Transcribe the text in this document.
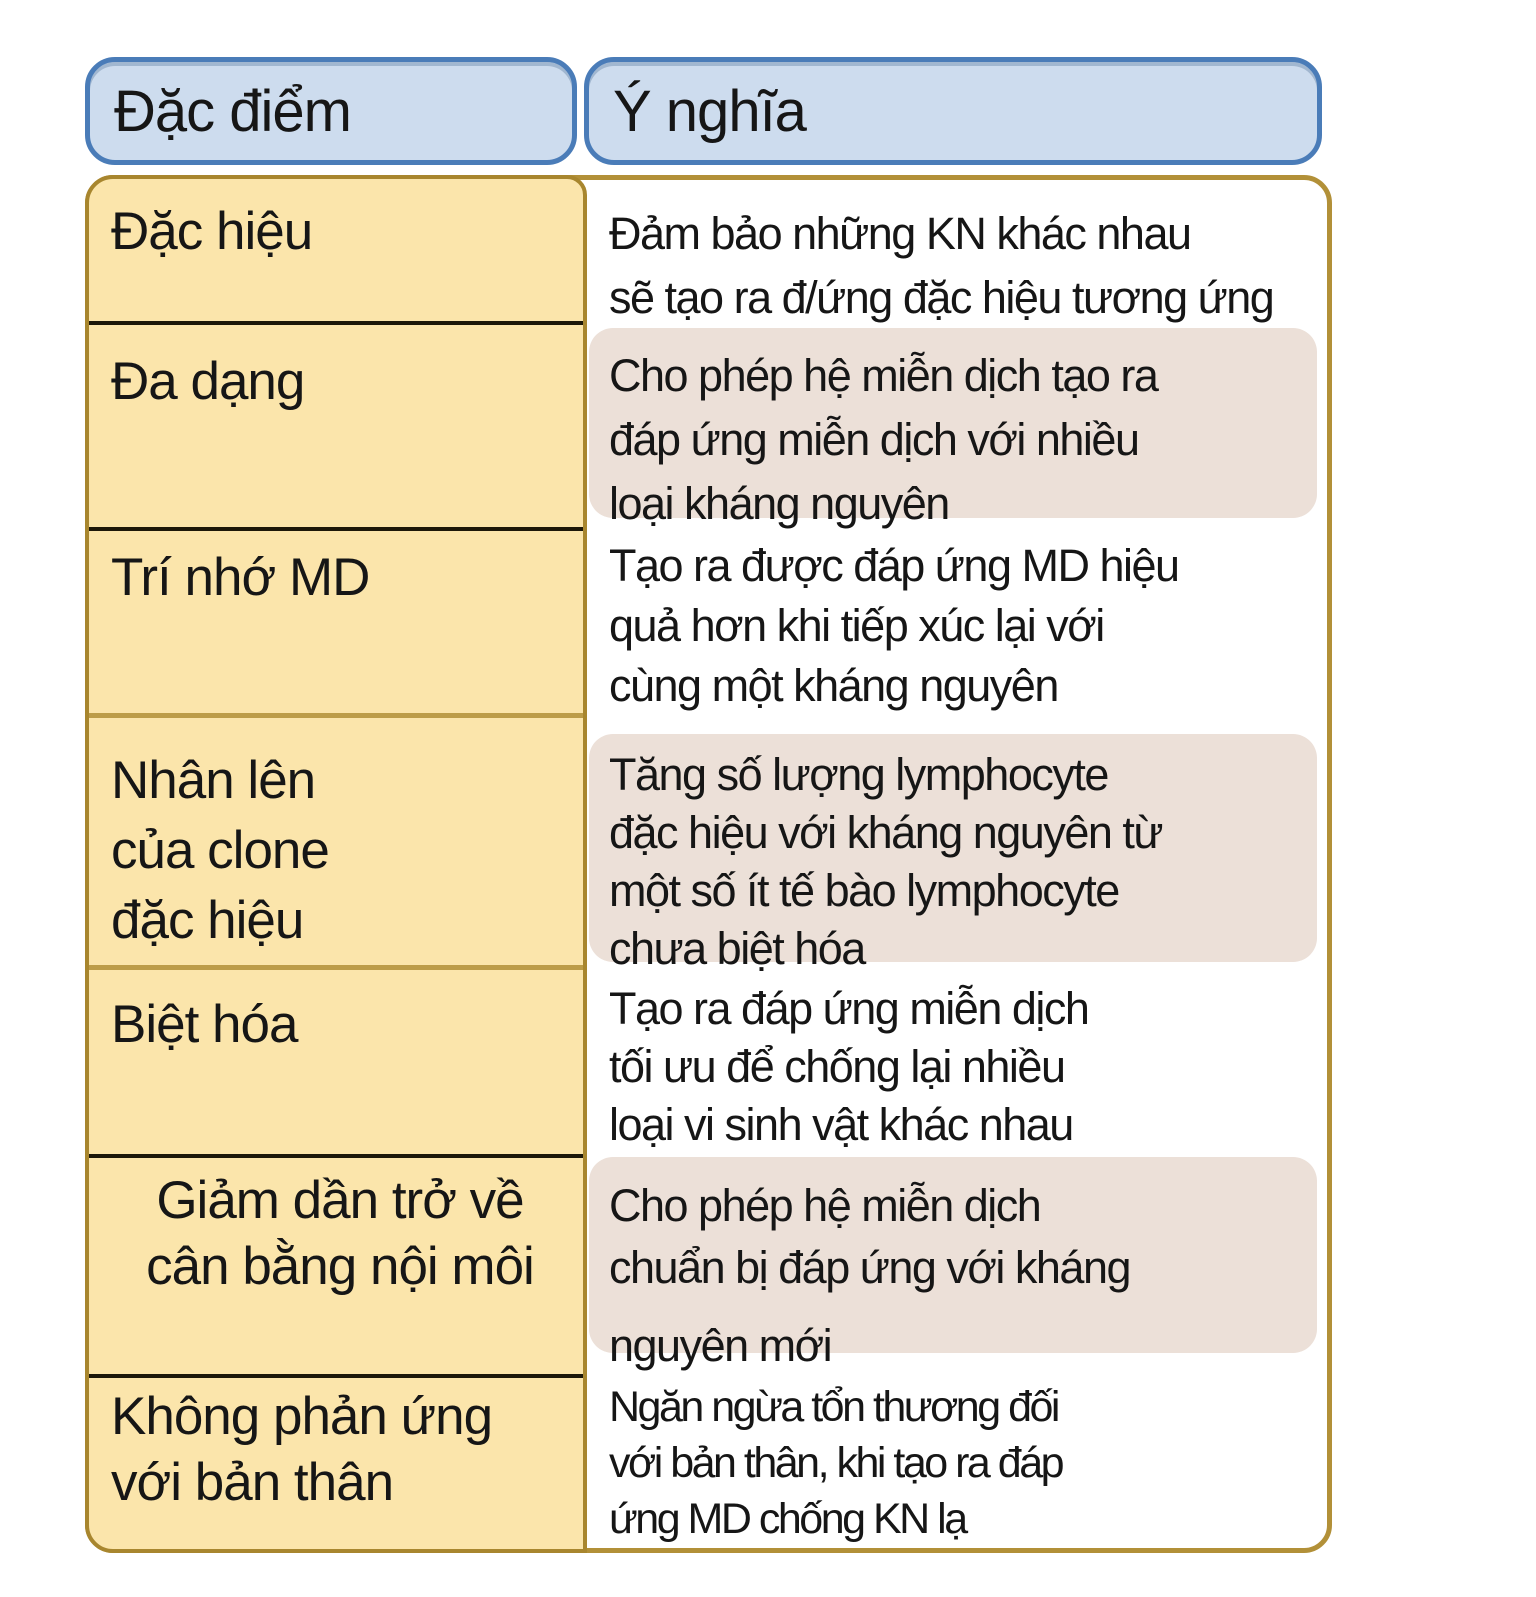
Đặc điểm	Ý nghĩa
Đặc hiệu
Đa dạng
Trí nhớ MD
Nhân lên
của clone
đặc hiệu
Biệt hóa
Giảm dần trở về
cân bằng nội môi
Không phản ứng
với bản thân
Đảm bảo những KN khác nhau
sẽ tạo ra đ/ứng đặc hiệu tương ứng
Cho phép hệ miễn dịch tạo ra
đáp ứng miễn dịch với nhiều
loại kháng nguyên
Tạo ra được đáp ứng MD hiệu
quả hơn khi tiếp xúc lại với
cùng một kháng nguyên
Tăng số lượng lymphocyte
đặc hiệu với kháng nguyên từ
một số ít tế bào lymphocyte
chưa biệt hóa
Tạo ra đáp ứng miễn dịch
tối ưu để chống lại nhiều
loại vi sinh vật khác nhau
Cho phép hệ miễn dịch
chuẩn bị đáp ứng với kháng
nguyên mới
Ngăn ngừa tổn thương đối
với bản thân, khi tạo ra đáp
ứng MD chống KN lạ
